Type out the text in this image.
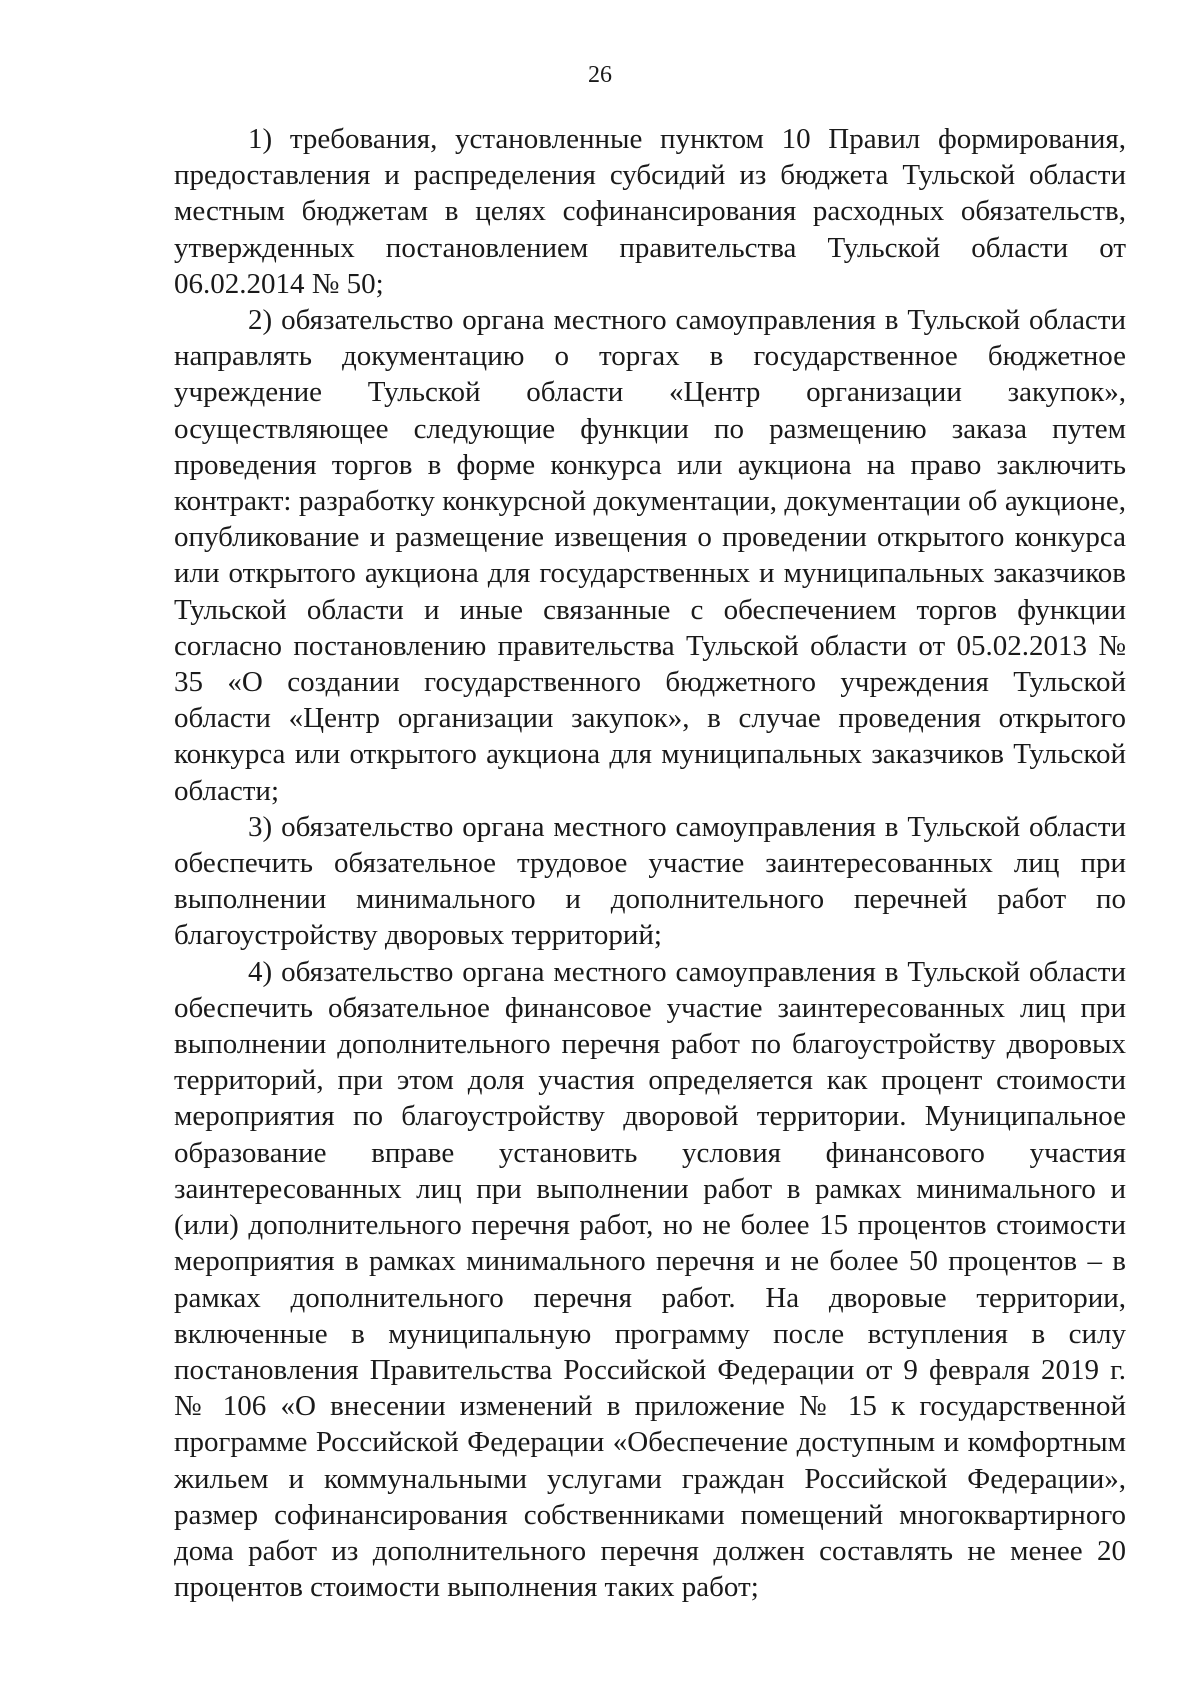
26

1) требования, установленные пунктом 10 Правил формирования, предоставления и распределения субсидий из бюджета Тульской области местным бюджетам в целях софинансирования расходных обязательств, утвержденных постановлением правительства Тульской области от 06.02.2014 № 50;

2) обязательство органа местного самоуправления в Тульской области направлять документацию о торгах в государственное бюджетное учреждение Тульской области «Центр организации закупок», осуществляющее следующие функции по размещению заказа путем проведения торгов в форме конкурса или аукциона на право заключить контракт: разработку конкурсной документации, документации об аукционе, опубликование и размещение извещения о проведении открытого конкурса или открытого аукциона для государственных и муниципальных заказчиков Тульской области и иные связанные с обеспечением торгов функции согласно постановлению правительства Тульской области от 05.02.2013 № 35 «О создании государственного бюджетного учреждения Тульской области «Центр организации закупок», в случае проведения открытого конкурса или открытого аукциона для муниципальных заказчиков Тульской области;

3) обязательство органа местного самоуправления в Тульской области обеспечить обязательное трудовое участие заинтересованных лиц при выполнении минимального и дополнительного перечней работ по благоустройству дворовых территорий;

4) обязательство органа местного самоуправления в Тульской области обеспечить обязательное финансовое участие заинтересованных лиц при выполнении дополнительного перечня работ по благоустройству дворовых территорий, при этом доля участия определяется как процент стоимости мероприятия по благоустройству дворовой территории. Муниципальное образование вправе установить условия финансового участия заинтересованных лиц при выполнении работ в рамках минимального и (или) дополнительного перечня работ, но не более 15 процентов стоимости мероприятия в рамках минимального перечня и не более 50 процентов – в рамках дополнительного перечня работ. На дворовые территории, включенные в муниципальную программу после вступления в силу постановления Правительства Российской Федерации от 9 февраля 2019 г. № 106 «О внесении изменений в приложение № 15 к государственной программе Российской Федерации «Обеспечение доступным и комфортным жильем и коммунальными услугами граждан Российской Федерации», размер софинансирования собственниками помещений многоквартирного дома работ из дополнительного перечня должен составлять не менее 20 процентов стоимости выполнения таких работ;
